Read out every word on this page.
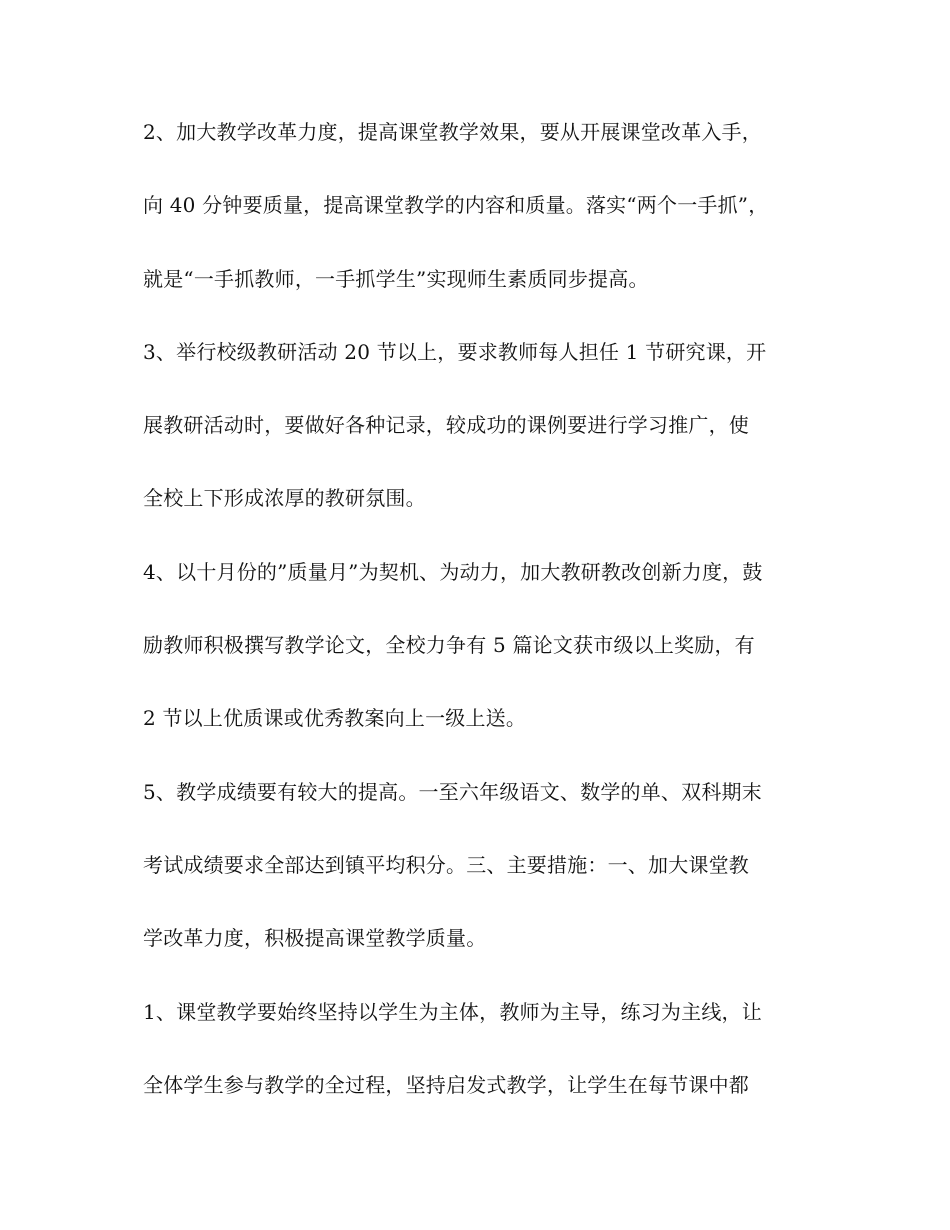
2、加大教学改革力度，提高课堂教学效果，要从开展课堂改革入手，

向 40 分钟要质量，提高课堂教学的内容和质量。落实“两个一手抓”，

就是“一手抓教师，一手抓学生”实现师生素质同步提高。

3、举行校级教研活动 20 节以上，要求教师每人担任 1 节研究课，开

展教研活动时，要做好各种记录，较成功的课例要进行学习推广，使

全校上下形成浓厚的教研氛围。

4、以十月份的”质量月”为契机、为动力，加大教研教改创新力度，鼓

励教师积极撰写教学论文，全校力争有 5 篇论文获市级以上奖励，有

2 节以上优质课或优秀教案向上一级上送。

5、教学成绩要有较大的提高。一至六年级语文、数学的单、双科期末

考试成绩要求全部达到镇平均积分。三、主要措施：一、加大课堂教

学改革力度，积极提高课堂教学质量。

1、课堂教学要始终坚持以学生为主体，教师为主导，练习为主线，让

全体学生参与教学的全过程，坚持启发式教学，让学生在每节课中都
